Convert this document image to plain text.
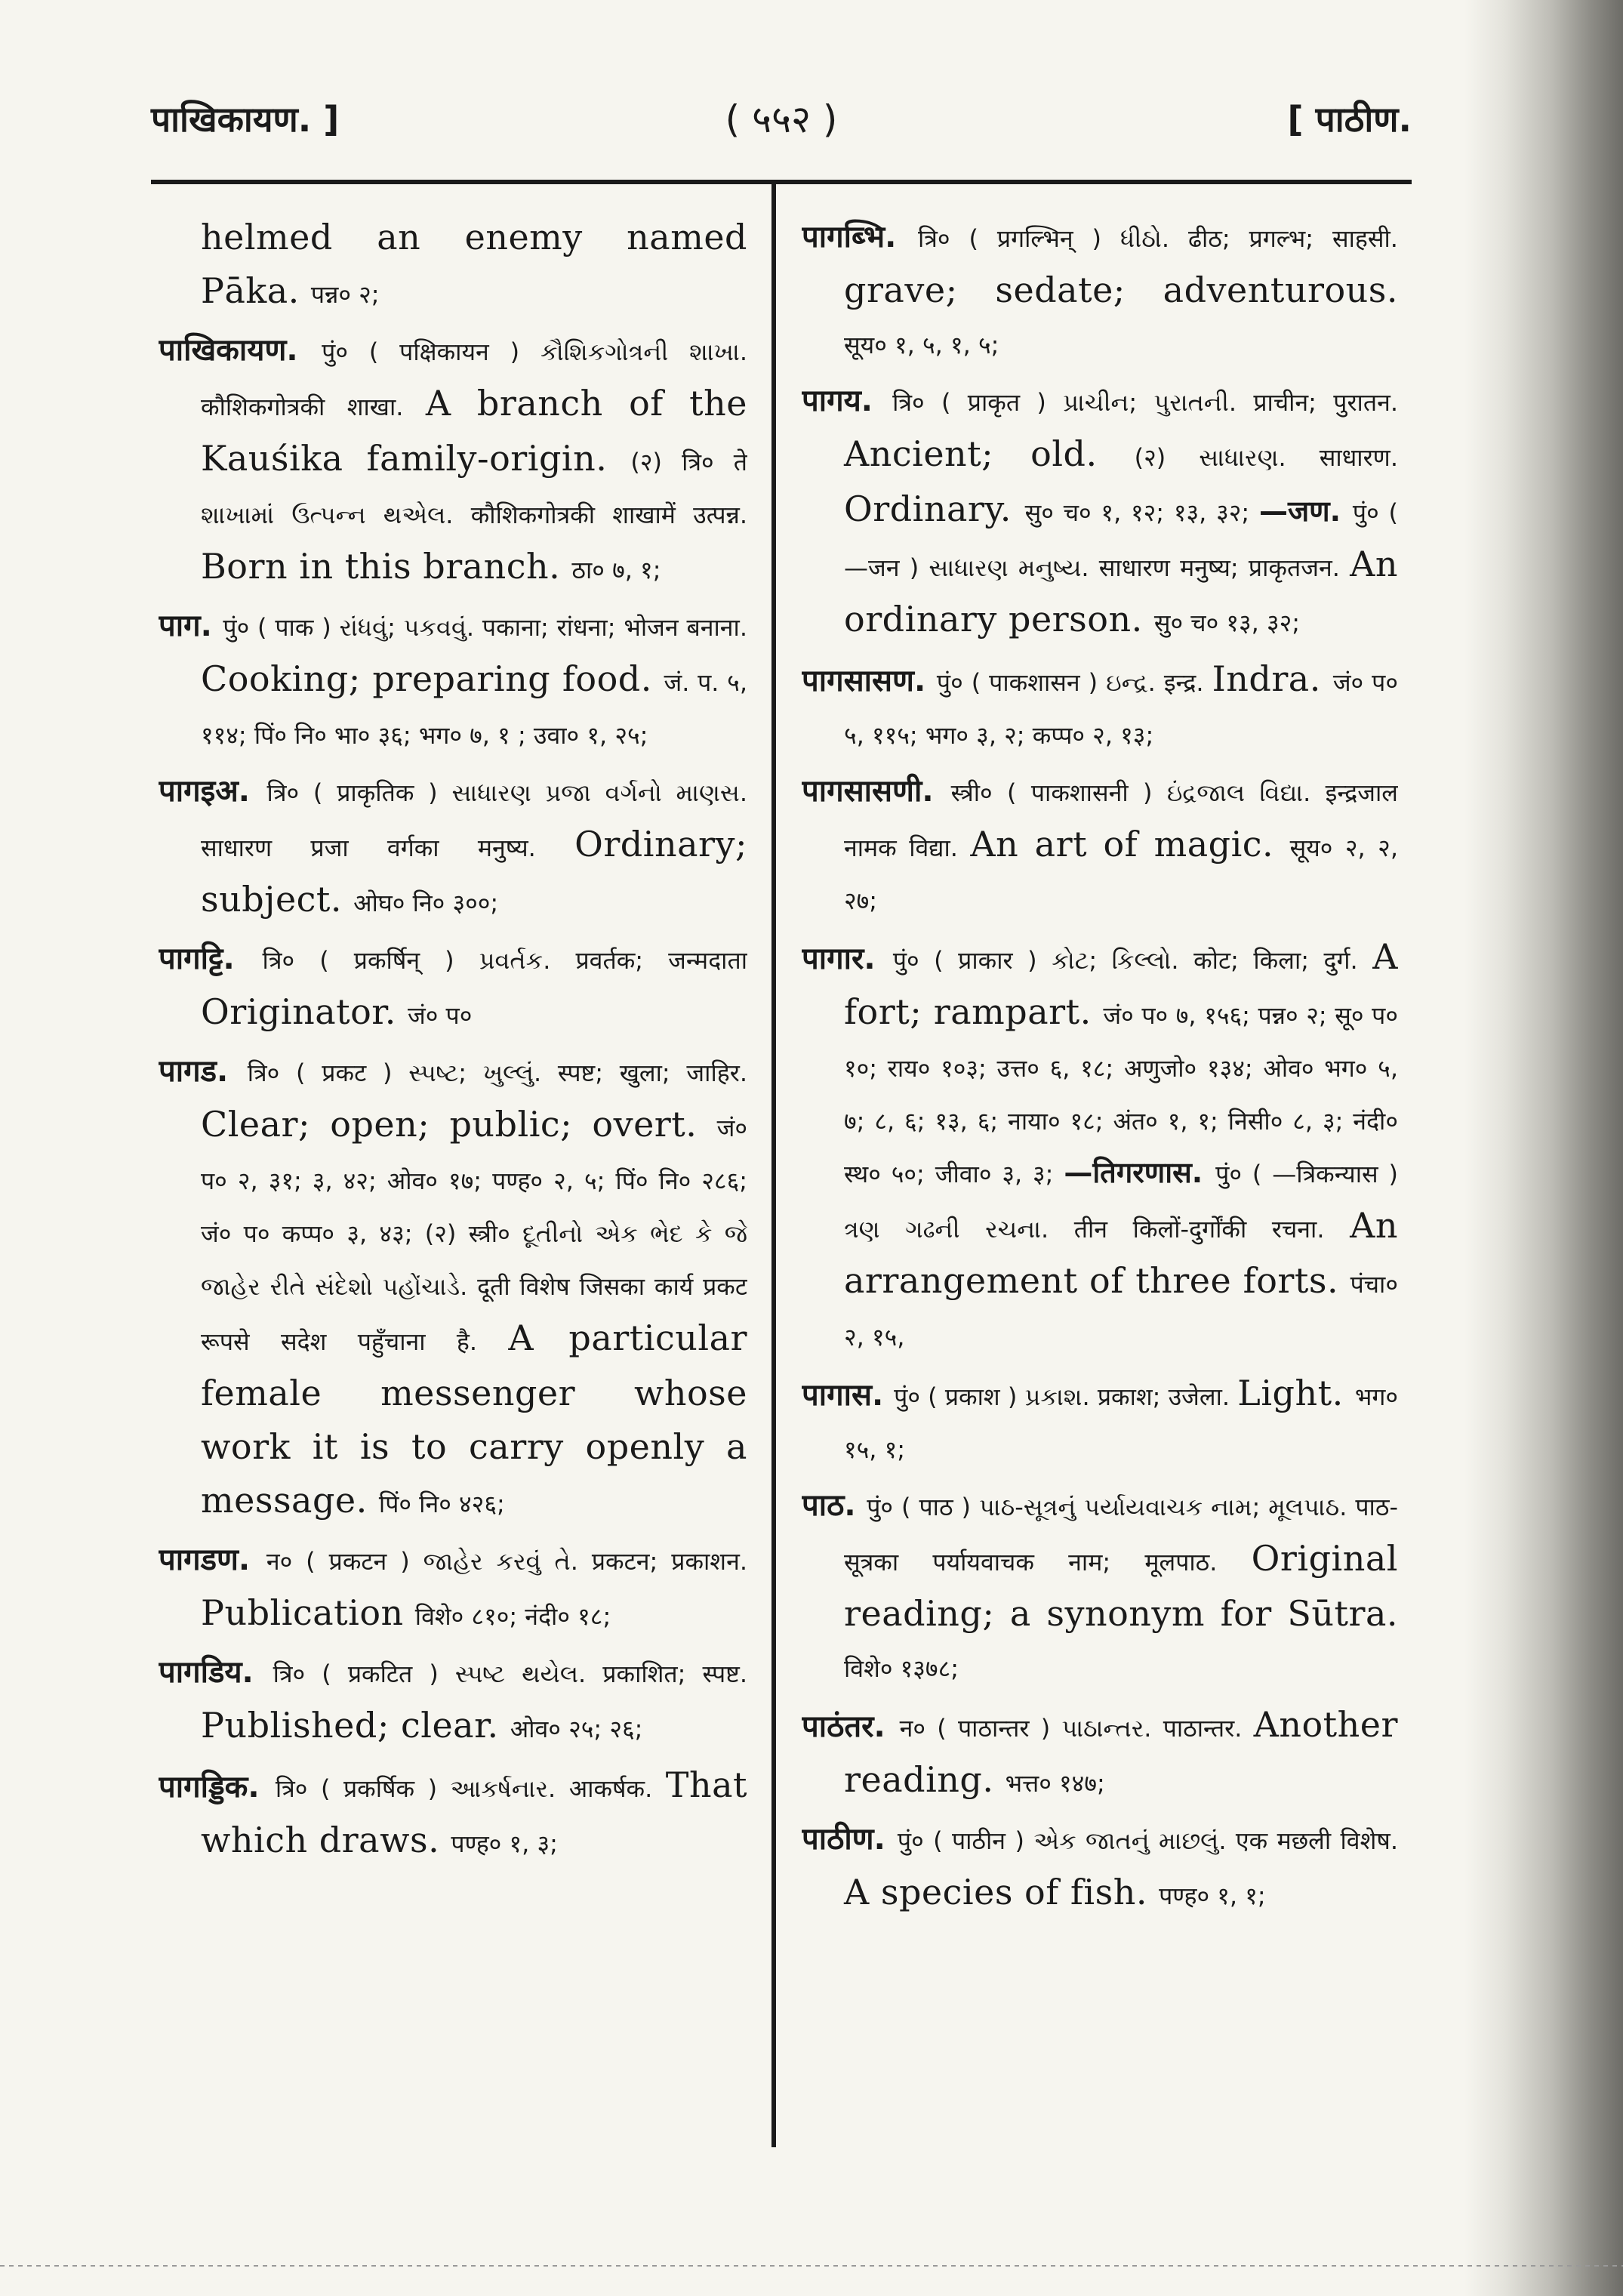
पाखिकायण. ]	( ५५२ )	[ पाठीण.

helmed an enemy named Pāka. पन्न० २;

पाखिकायण. पुं० ( पक्षिकायन ) કૌશિકગોત્રની શાખા. कौशिकगोत्रकी शाखा. A branch of the Kauśika family-origin. (२) त्रि० ते શાખામાં ઉત્પન્ન થએલ. कौशिकगोत्रकी शाखामें उत्पन्न. Born in this branch. ठा० ७, १;

पाग. पुं० ( पाक ) રાંધવું; પકવવું. पकाना; रांधना; भोजन बनाना. Cooking; preparing food. जं. प. ५, ११४; पिं० नि० भा० ३६; भग० ७, १ ; उवा० १, २५;

पागइअ. त्रि० ( प्राकृतिक ) સાધારણ પ્રજા વર્ગનો માણસ. साधारण प्रजा वर्गका मनुष्य. Ordinary; subject. ओघ० नि० ३००;

पागट्टि. त्रि० ( प्रकर्षिन् ) પ્રવર્તક. प्रवर्तक; जन्मदाता Originator. जं० प०

पागड. त्रि० ( प्रकट ) સ્પષ્ટ; ખુલ્લું. स्पष्ट; खुला; जाहिर. Clear; open; public; overt. जं० प० २, ३१; ३, ४२; ओव० १७; पण्ह० २, ५; पिं० नि० २८६; जं० प० कप्प० ३, ४३; (२) स्त्री० દૂતીનો એક ભેદ કે જે જાહેર રીતે સંદેશો પહોંચાડે. दूती विशेष जिसका कार्य प्रकट रूपसे सदेश पहुँचाना है. A particular female messenger whose work it is to carry openly a message. पिं० नि० ४२६;

पागडण. न० ( प्रकटन ) જાહેર કરવું તે. प्रकटन; प्रकाशन. Publication विशे० ८१०; नंदी० १८;

पागडिय. त्रि० ( प्रकटित ) સ્પષ્ટ થયેલ. प्रकाशित; स्पष्ट. Published; clear. ओव० २५; २६;

पागड्डिक. त्रि० ( प्रकर्षिक ) આકર્ષનાર. आकर्षक. That which draws. पण्ह० १, ३;

पागब्भि. त्रि० ( प्रगल्भिन् ) ધીઠો. ढीठ; प्रगल्भ; साहसी. grave; sedate; adventurous. सूय० १, ५, १, ५;

पागय. त्रि० ( प्राकृत ) પ્રાચીન; પુરાતની. प्राचीन; पुरातन. Ancient; old. (२) સાધારણ. साधारण. Ordinary. सु० च० १, १२; १३, ३२; —जण. पुं० ( —जन ) સાધારણ મનુષ્ય. साधारण मनुष्य; प्राकृतजन. An ordinary person. सु० च० १३, ३२;

पागसासण. पुं० ( पाकशासन ) ઇન્દ્ર. इन्द्र. Indra. जं० प० ५, ११५; भग० ३, २; कप्प० २, १३;

पागसासणी. स्त्री० ( पाकशासनी ) ઇંદ્રજાલ વિદ્યા. इन्द्रजाल नामक विद्या. An art of magic. सूय० २, २, २७;

पागार. पुं० ( प्राकार ) કોટ; કિલ્લો. कोट; किला; दुर्ग. A fort; rampart. जं० प० ७, १५६; पन्न० २; सू० प० १०; राय० १०३; उत्त० ६, १८; अणुजो० १३४; ओव० भग० ५, ७; ८, ६; १३, ६; नाया० १८; अंत० १, १; निसी० ८, ३; नंदी० स्थ० ५०; जीवा० ३, ३; —तिगरणास. पुं० ( —त्रिकन्यास ) ત્રણ ગઢની રચના. तीन किलों-दुर्गोंकी रचना. An arrangement of three forts. पंचा० २, १५,

पागास. पुं० ( प्रकाश ) પ્રકાશ. प्रकाश; उजेला. Light. भग० १५, १;

पाठ. पुं० ( पाठ ) પાઠ-સૂત્રનું પર્યાયવાચક નામ; મૂલપાઠ. पाठ-सूत्रका पर्यायवाचक नाम; मूलपाठ. Original reading; a synonym for Sūtra. विशे० १३७८;

पाठंतर. न० ( पाठान्तर ) પાઠાન્તર. पाठान्तर. Another reading. भत्त० १४७;

पाठीण. पुं० ( पाठीन ) એક જાતનું માછલું. एक मछली विशेष. A species of fish. पण्ह० १, १;
